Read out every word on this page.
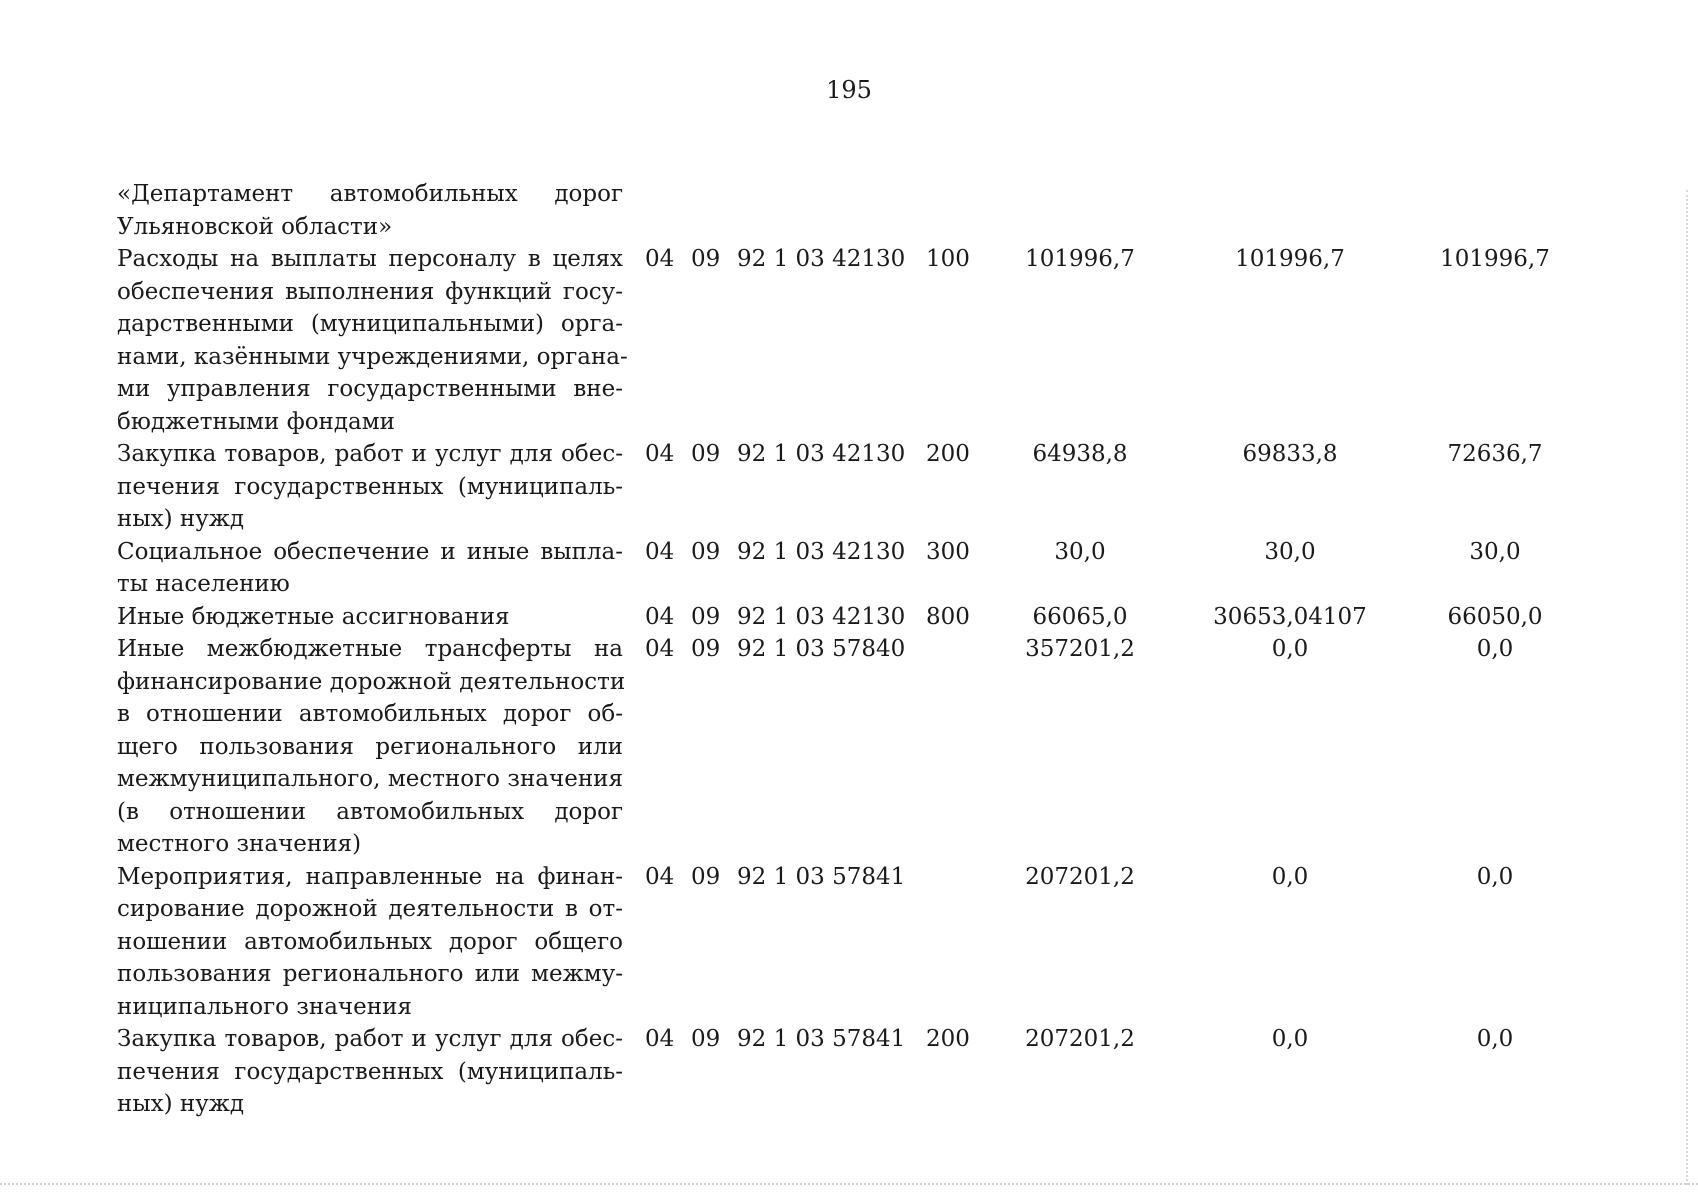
195
«Департамент автомобильных дорог
Ульяновской области»
Расходы на выплаты персоналу в целях
обеспечения выполнения функций госу-
дарственными (муниципальными) орга-
нами, казёнными учреждениями, органа-
ми управления государственными вне-
бюджетными фондами
04 09 92 1 03 42130 100	101996,7	101996,7	101996,7
Закупка товаров, работ и услуг для обес-
печения государственных (муниципаль-
ных) нужд
04 09 92 1 03 42130 200	64938,8	69833,8	72636,7
Социальное обеспечение и иные выпла-
ты населению
04 09 92 1 03 42130 300	30,0	30,0	30,0
Иные бюджетные ассигнования	04 09 92 1 03 42130 800	66065,0	30653,04107	66050,0
Иные межбюджетные трансферты на
финансирование дорожной деятельности
в отношении автомобильных дорог об-
щего пользования регионального или
межмуниципального, местного значения
(в отношении автомобильных дорог
местного значения)
04 09 92 1 03 57840	357201,2	0,0	0,0
Мероприятия, направленные на финан-
сирование дорожной деятельности в от-
ношении автомобильных дорог общего
пользования регионального или межму-
ниципального значения
04 09 92 1 03 57841	207201,2	0,0	0,0
Закупка товаров, работ и услуг для обес-
печения государственных (муниципаль-
ных) нужд
04 09 92 1 03 57841 200	207201,2	0,0	0,0
